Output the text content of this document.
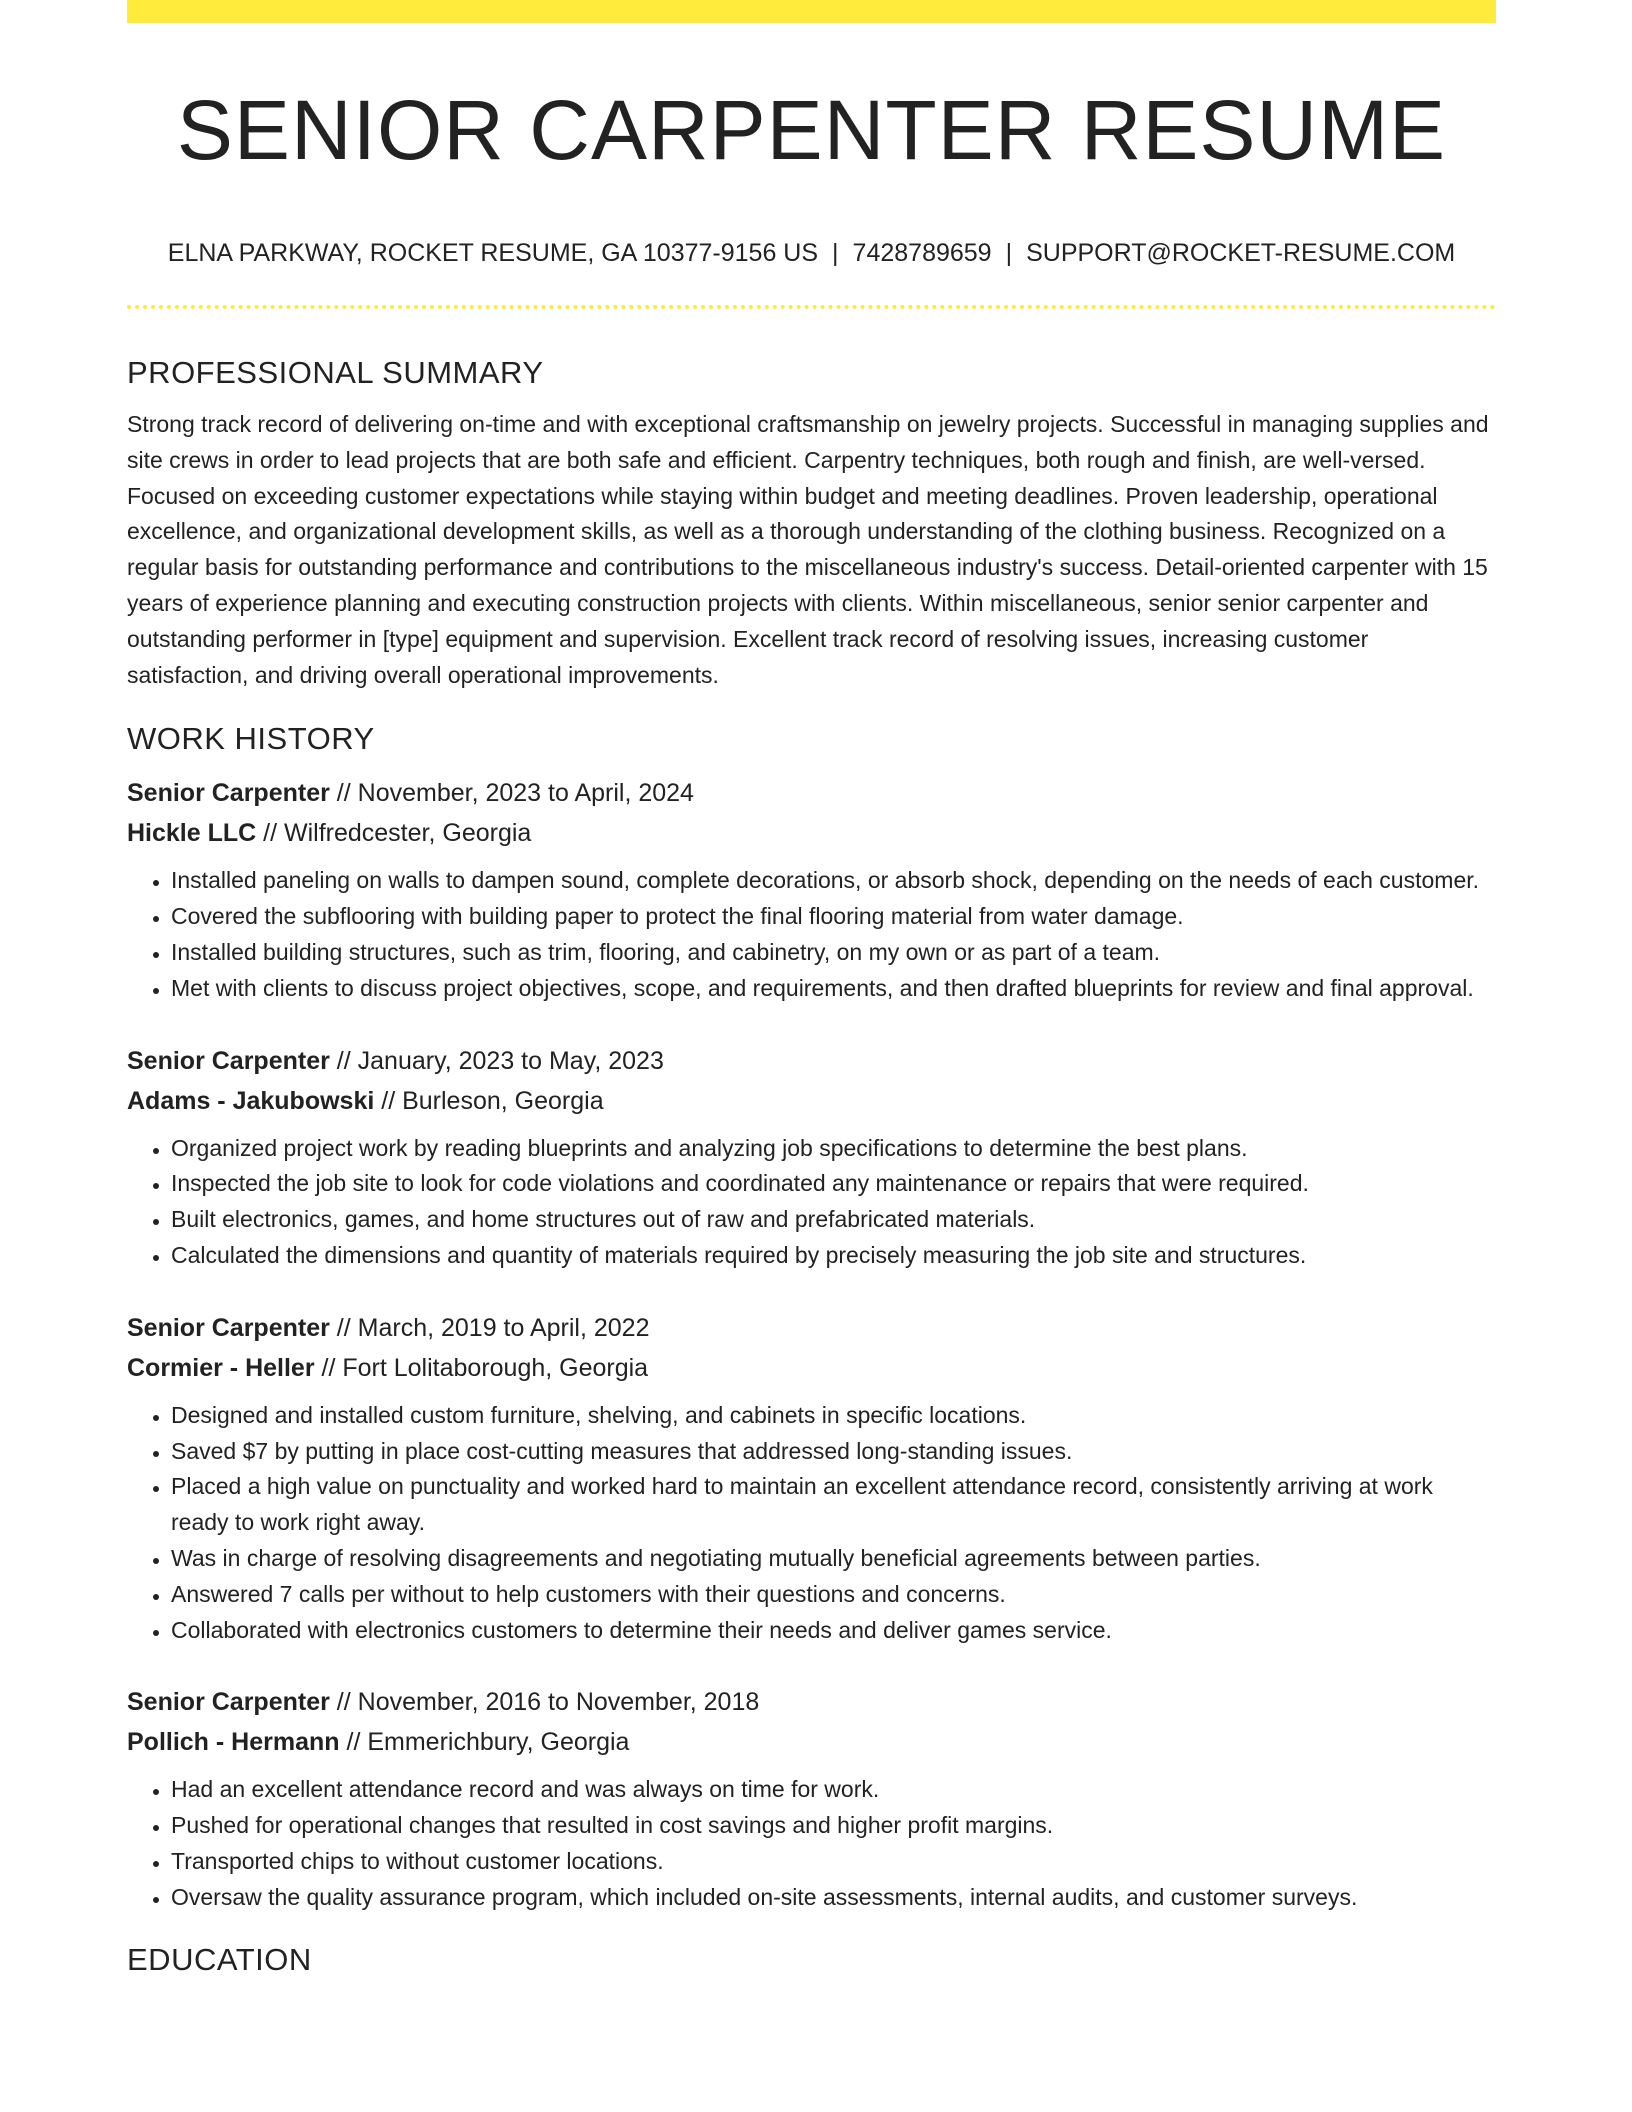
SENIOR CARPENTER RESUME
ELNA PARKWAY, ROCKET RESUME, GA 10377-9156 US | 7428789659 | SUPPORT@ROCKET-RESUME.COM
PROFESSIONAL SUMMARY

Strong track record of delivering on-time and with exceptional craftsmanship on jewelry projects. Successful in managing supplies and site crews in order to lead projects that are both safe and efficient. Carpentry techniques, both rough and finish, are well-versed. Focused on exceeding customer expectations while staying within budget and meeting deadlines. Proven leadership, operational excellence, and organizational development skills, as well as a thorough understanding of the clothing business. Recognized on a regular basis for outstanding performance and contributions to the miscellaneous industry's success. Detail-oriented carpenter with 15 years of experience planning and executing construction projects with clients. Within miscellaneous, senior senior carpenter and outstanding performer in [type] equipment and supervision. Excellent track record of resolving issues, increasing customer satisfaction, and driving overall operational improvements.

WORK HISTORY
Senior Carpenter // November, 2023 to April, 2024
Hickle LLC // Wilfredcester, Georgia
• Installed paneling on walls to dampen sound, complete decorations, or absorb shock, depending on the needs of each customer.
• Covered the subflooring with building paper to protect the final flooring material from water damage.
• Installed building structures, such as trim, flooring, and cabinetry, on my own or as part of a team.
• Met with clients to discuss project objectives, scope, and requirements, and then drafted blueprints for review and final approval.
Senior Carpenter // January, 2023 to May, 2023
Adams - Jakubowski // Burleson, Georgia
• Organized project work by reading blueprints and analyzing job specifications to determine the best plans.
• Inspected the job site to look for code violations and coordinated any maintenance or repairs that were required.
• Built electronics, games, and home structures out of raw and prefabricated materials.
• Calculated the dimensions and quantity of materials required by precisely measuring the job site and structures.
Senior Carpenter // March, 2019 to April, 2022
Cormier - Heller // Fort Lolitaborough, Georgia
• Designed and installed custom furniture, shelving, and cabinets in specific locations.
• Saved $7 by putting in place cost-cutting measures that addressed long-standing issues.
• Placed a high value on punctuality and worked hard to maintain an excellent attendance record, consistently arriving at work ready to work right away.
• Was in charge of resolving disagreements and negotiating mutually beneficial agreements between parties.
• Answered 7 calls per without to help customers with their questions and concerns.
• Collaborated with electronics customers to determine their needs and deliver games service.
Senior Carpenter // November, 2016 to November, 2018
Pollich - Hermann // Emmerichbury, Georgia
• Had an excellent attendance record and was always on time for work.
• Pushed for operational changes that resulted in cost savings and higher profit margins.
• Transported chips to without customer locations.
• Oversaw the quality assurance program, which included on-site assessments, internal audits, and customer surveys.
EDUCATION
